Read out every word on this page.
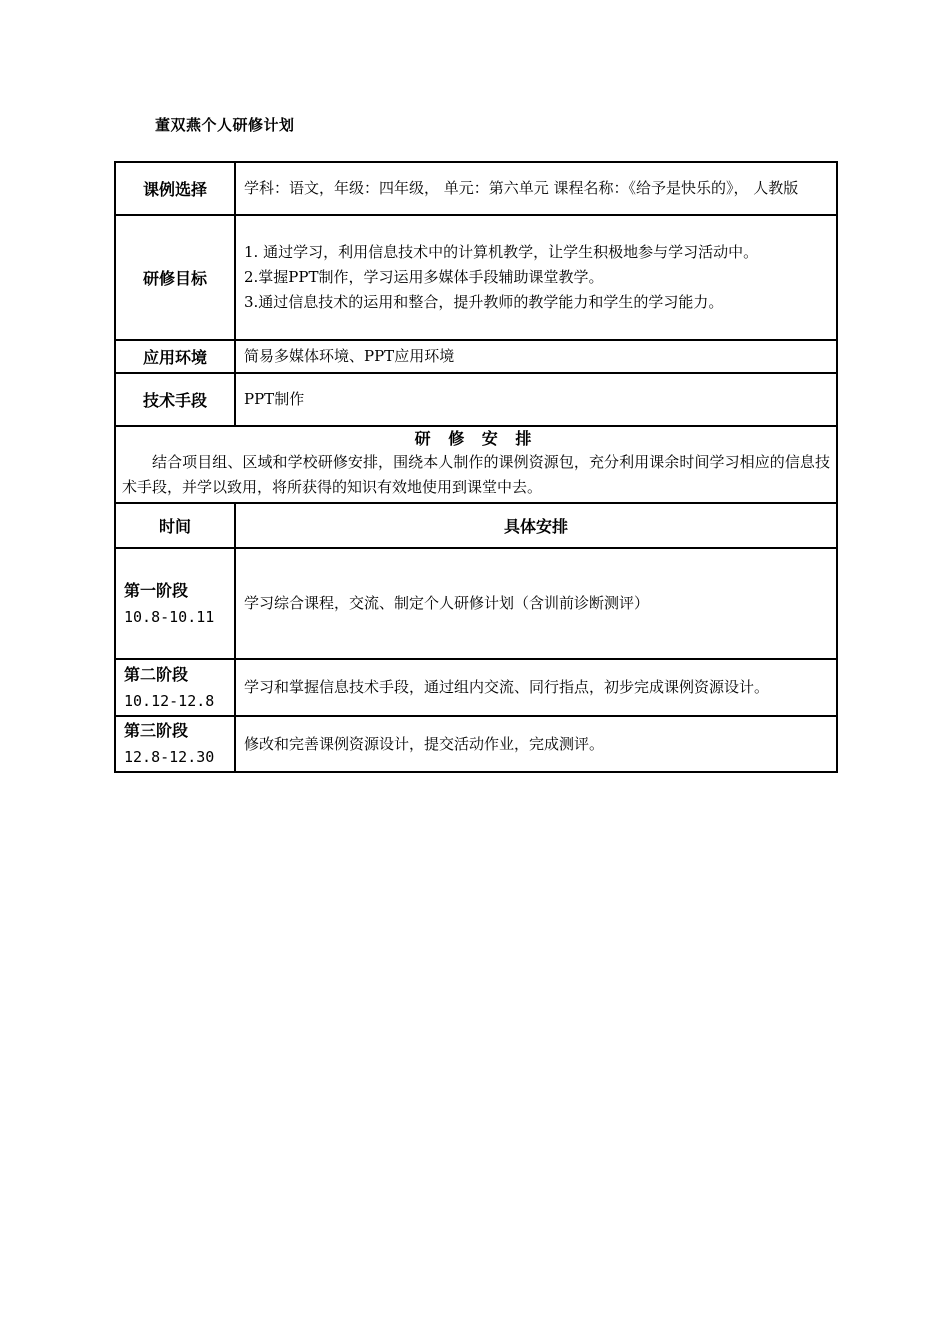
董双燕个人研修计划
课例选择	学科：语文，年级：四年级， 单元：第六单元 课程名称：《给予是快乐的》， 人教版
研修目标	1. 通过学习，利用信息技术中的计算机教学，让学生积极地参与学习活动中。
2.掌握PPT制作，学习运用多媒体手段辅助课堂教学。
3.通过信息技术的运用和整合，提升教师的教学能力和学生的学习能力。

应用环境	简易多媒体环境、PPT应用环境
技术手段	PPT制作

研 修 安 排
结合项目组、区域和学校研修安排，围绕本人制作的课例资源包，充分利用课余时间学习相应的信息技术手段，并学以致用，将所获得的知识有效地使用到课堂中去。	

时间	具体安排

第一阶段
10.8-10.11	学习综合课程，交流、制定个人研修计划（含训前诊断测评）

第二阶段
10.12-12.8	学习和掌握信息技术手段，通过组内交流、同行指点，初步完成课例资源设计。

第三阶段
12.8-12.30	修改和完善课例资源设计，提交活动作业，完成测评。
